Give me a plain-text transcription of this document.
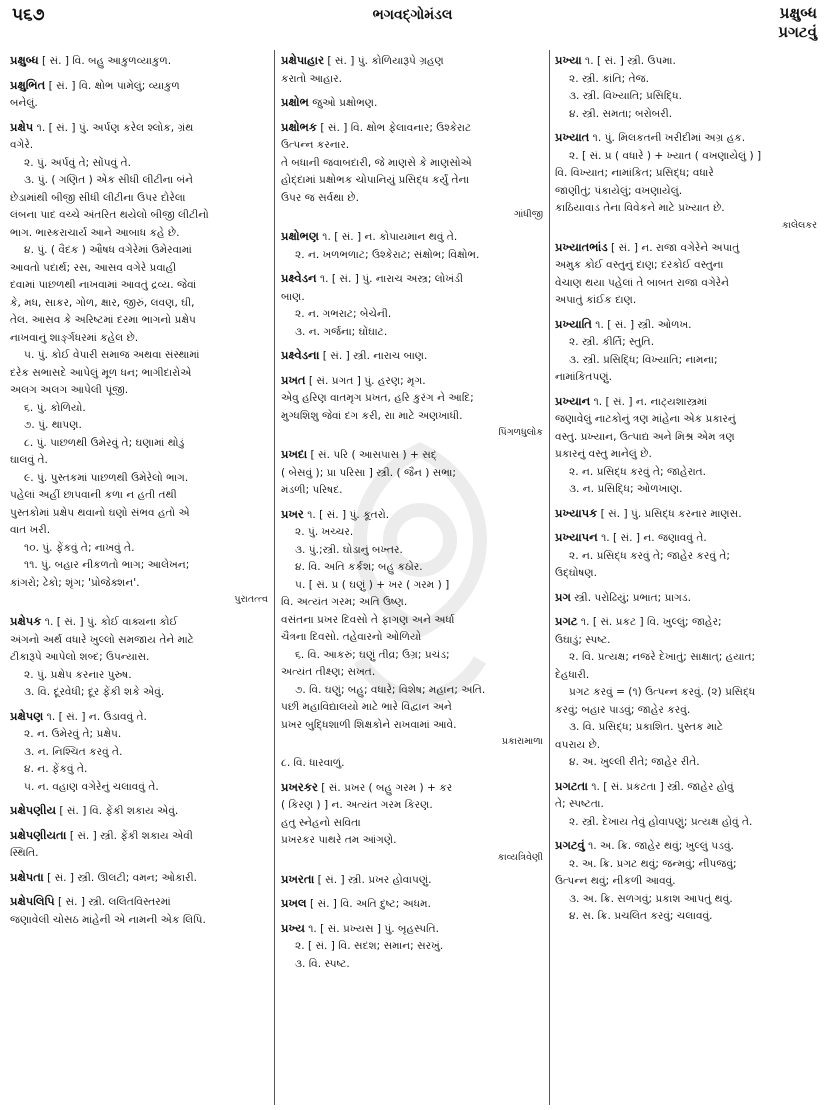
૫૬૭	ભગવદ્ગોમંડલ	પ્રક્ષુબ્ધ
પ્રગટવું
પ્રક્ષુબ્ધ [ સં. ] વિ. બહુ આકુળવ્યાકુળ.
પ્રક્ષુભિત [ સં. ] વિ. ક્ષોભ પામેલું; વ્યાકુળ
બનેલું.
પ્રક્ષેપ ૧. [ સં. ] પું. અર્પણ કરેલ શ્લોક, ગ્રંથ
વગેરે.
૨. પું. અર્પવું તે; સોંપવું તે.
૩. પું. ( ગણિત ) એક સીધી લીટીના બંને
છેડામાંથી બીજી સીધી લીટીના ઉપર દોરેલા
લંબના પાદ વચ્ચે અંતરિત થયેલો બીજી લીટીનો
ભાગ. ભાસ્કરાચાર્ય આને આબાધ કહે છે.
૪. પું. ( વૈદક ) ઔષધ વગેરેમાં ઉમેરવામાં
આવતો પદાર્થ; રસ, આસવ વગેરે પ્રવાહી
દવામાં પાછળથી નાખવામાં આવતું દ્રવ્ય. જેવાં
કે, મધ, સાકર, ગોળ, ક્ષાર, જીરું, લવણ, ઘી,
તેલ. આસવ કે અરિષ્ટમાં દરમા ભાગનો પ્રક્ષેપ
નાખવાનું શાર્ઙ્ગધરમાં કહેલ છે.
૫. પું. કોઈ વેપારી સમાજ અથવા સંસ્થામાં
દરેક સભાસદે આપેલું મૂળ ધન; ભાગીદારોએ
અલગ અલગ આપેલી પૂંજી.
૬. પું. કોળિયો.
૭. પું. થાપણ.
૮. પું. પાછળથી ઉમેરવું તે; ઘણામાં થોડું
ઘાલવું તે.
૯. પું. પુસ્તકમાં પાછળથી ઉમેરેલો ભાગ.
પહેલાં અહીં છાપવાની કળા ન હતી તથી
પુસ્તકોમાં પ્રક્ષેપ થવાનો ઘણો સંભવ હતો એ
વાત ખરી.
૧૦. પું. ફેંકવું તે; નાખવું તે.
૧૧. પું. બહાર નીકળતો ભાગ; આલેખન;
કાંગરો; ઢેકો; શૃંગ; 'પ્રોજેક્શન'.
પુરાતત્ત્વ
પ્રક્ષેપક ૧. [ સં. ] પું. કોઈ વાક્યના કોઈ
અંગનો અર્થ વધારે ખુલ્લો સમજાય તેને માટે
ટીકારૂપે આપેલો શબ્દ; ઉપન્યાસ.
૨. પું. પ્રક્ષેપ કરનાર પુરુષ.
૩. વિ. દૂરવેધી; દૂર ફેંકી શકે એવું.
પ્રક્ષેપણ ૧. [ સં. ] ન. ઉડાવવું તે.
૨. ન. ઉમેરવું તે; પ્રક્ષેપ.
૩. ન. નિશ્ચિત કરવું તે.
૪. ન. ફેંકવું તે.
૫. ન. વહાણ વગેરેનું ચલાવવું તે.
પ્રક્ષેપણીય [ સં. ] વિ. ફેંકી શકાય એવું.
પ્રક્ષેપણીયતા [ સં. ] સ્ત્રી. ફેંકી શકાય એવી
સ્થિતિ.
પ્રક્ષેપતા [ સં. ] સ્ત્રી. ઊલટી; વમન; ઓકારી.
પ્રક્ષેપલિપિ [ સં. ] સ્ત્રી. લલિતવિસ્તરમાં
જણાવેલી ચોસઠ માંહેની એ નામની એક લિપિ.
પ્રક્ષેપાહાર [ સં. ] પું. કોળિયારૂપે ગ્રહણ
કરાતો આહાર.
પ્રક્ષોભ જુઓ પ્રક્ષોભણ.
પ્રક્ષોભક [ સં. ] વિ. ક્ષોભ ફેલાવનાર; ઉશ્કેરાટ
ઉત્પન્ન કરનાર.
તે બધાની જવાબદારી, જે માણસે કે માણસોએ
હોદ્દામાં પ્રક્ષોભક ચોપાનિયું પ્રસિદ્ધ કર્યું તેના
ઉપર જ સર્વથા છે.
ગાંધીજી
પ્રક્ષોભણ ૧. [ સં. ] ન. કોપાયમાન થવું તે.
૨. ન. ખળભળાટ; ઉશ્કેરાટ; સંક્ષોભ; વિક્ષોભ.
પ્રક્ષ્વેડન ૧. [ સં. ] પું. નારાચ અસ્ત્ર; લોખંડી
બાણ.
૨. ન. ગભરાટ; બેચેની.
૩. ન. ગર્જના; ઘોંઘાટ.
પ્રક્ષ્વેડના [ સં. ] સ્ત્રી. નારાચ બાણ.
પ્રખત [ સં. પ્રગત ] પું. હરણ; મૃગ.
એવુ હરિણ વાતમૃગ પ્રખત, હરિ કુરંગ ને આદિ;
મુગ્ધશિશુ જેવાં દગ કરી, રાા માટે અણખાધી.
પિંગળધુલોક
પ્રખદા [ સં. પરિ ( આસપાસ ) + સદ્
( બેસવું ); પ્રા પરિસા ] સ્ત્રી. ( જૈન ) સભા;
મંડળી; પરિષદ.
પ્રખર ૧. [ સં. ] પું. કૂતરો.
૨. પું. ખચ્ચર.
૩. પું.;સ્ત્રી. ઘોડાનું બખ્તર.
૪. વિ. અતિ કર્કશ; બહુ કઠોર.
૫. [ સં. પ્ર ( ઘણું ) + ખર ( ગરમ ) ]
વિ. અત્યંત ગરમ; અતિ ઉષ્ણ.
વસંતના પ્રખર દિવસો તે ફાગણ અને અર્ધા
ચૈત્રના દિવસો. તહેવારનો ઓળિયો
૬. વિ. આકરું; ઘણું તીવ્ર; ઉગ્ર; પ્રચંડ;
અત્યંત તીક્ષ્ણ; સખત.
૭. વિ. ઘણું; બહુ; વધારે; વિશેષ; મહાન; અતિ.
પછી મહાવિદ્યાલયો માટે ભારે વિદ્વાન અને
પ્રખર બુદ્ધિશાળી શિક્ષકોને રાખવામાં આવે.
પ્રકારામાળા
૮. વિ. ધારવાળું.
પ્રખરકર [ સં. પ્રખર ( બહુ ગરમ ) + કર
( કિરણ ) ] ન. અત્યંત ગરમ કિરણ.
હતુ સ્નેહનો સવિતા
પ્રખરકર પાથરે તમ આંગણે.
કાવ્યત્રિવેણી
પ્રખરતા [ સં. ] સ્ત્રી. પ્રખર હોવાપણું.
પ્રખલ [ સં. ] વિ. અતિ દુષ્ટ; અધમ.
પ્રખ્ય ૧. [ સં. પ્રખ્યસ ] પું. બૃહસ્પતિ.
૨. [ સં. ] વિ. સદશ; સમાન; સરખું.
૩. વિ. સ્પષ્ટ.
પ્રખ્યા ૧. [ સં. ] સ્ત્રી. ઉપમા.
૨. સ્ત્રી. કાંતિ; તેજ.
૩. સ્ત્રી. વિખ્યાતિ; પ્રસિદ્ધિ.
૪. સ્ત્રી. સમતા; બરોબરી.
પ્રખ્યાત ૧. પું. મિલકતની ખરીદીમાં અગ્ર હક.
૨. [ સં. પ્ર ( વધારે ) + ખ્યાત ( વખણાયેલું ) ]
વિ. વિખ્યાત; નામાંકિત; પ્રસિદ્ધ; વધારે
જાણીતું; પંકાયેલું; વખણાયેલું.
કાઠિયાવાડ તેના વિવેકને માટે પ્રખ્યાત છે.
કાલેલકર
પ્રખ્યાતભાંડ [ સં. ] ન. રાજા વગેરેને અપાતું
અમુક કોઈ વસ્તુનું દાણ; દરકોઈ વસ્તુના
વેચાણ થયા પહેલાં તે બાબત રાજા વગેરેને
અપાતું કાંઈક દાણ.
પ્રખ્યાતિ ૧. [ સં. ] સ્ત્રી. ઓળખ.
૨. સ્ત્રી. કીર્તિ; સ્તુતિ.
૩. સ્ત્રી. પ્રસિદ્ધિ; વિખ્યાતિ; નામના;
નામાંકિતપણું.
પ્રખ્યાન ૧. [ સં. ] ન. નાટ્યશાસ્ત્રમાં
જણાવેલું નાટકોનું ત્રણ માંહેના એક પ્રકારનું
વસ્તુ. પ્રખ્યાન, ઉત્પાદ્ય અને મિશ્ર એમ ત્રણ
પ્રકારનું વસ્તુ માનેલું છે.
૨. ન. પ્રસિદ્ધ કરવું તે; જાહેરાત.
૩. ન. પ્રસિદ્ધિ; ઓળખાણ.
પ્રખ્યાપક [ સં. ] પું. પ્રસિદ્ધ કરનાર માણસ.
પ્રખ્યાપન ૧. [ સં. ] ન. જણાવવું તે.
૨. ન. પ્રસિદ્ધ કરવું તે; જાહેર કરવું તે;
ઉદ્ઘોષણ.
પ્રગ સ્ત્રી. પરોઢિયું; પ્રભાત; પ્રાગડ.
પ્રગટ ૧. [ સં. પ્રકટ ] વિ. ખુલ્લું; જાહેર;
ઉઘાડું; સ્પષ્ટ.
૨. વિ. પ્રત્યક્ષ; નજરે દેખાતું; સાક્ષાત્; હયાત;
દેહધારી.
પ્રગટ કરવું = (૧) ઉત્પન્ન કરવું. (૨) પ્રસિદ્ધ
કરવું; બહાર પાડવું; જાહેર કરવું.
૩. વિ. પ્રસિદ્ધ; પ્રકાશિત. પુસ્તક માટે
વપરાય છે.
૪. અ. ખુલ્લી રીતે; જાહેર રીતે.
પ્રગટતા ૧. [ સં. પ્રકટતા ] સ્ત્રી. જાહેર હોવું
તે; સ્પષ્ટતા.
૨. સ્ત્રી. દેખાય તેવું હોવાપણું; પ્રત્યક્ષ હોવું તે.
પ્રગટવું ૧. અ. ક્રિ. જાહેર થવું; ખુલ્લું પડવું.
૨. અ. ક્રિ. પ્રગટ થવું; જન્મવું; નીપજવું;
ઉત્પન્ન થવું; નીકળી આવવું.
૩. અ. ક્રિ. સળગવું; પ્રકાશ આપતું થવું.
૪. સ. ક્રિ. પ્રચલિત કરવું; ચલાવવું.
